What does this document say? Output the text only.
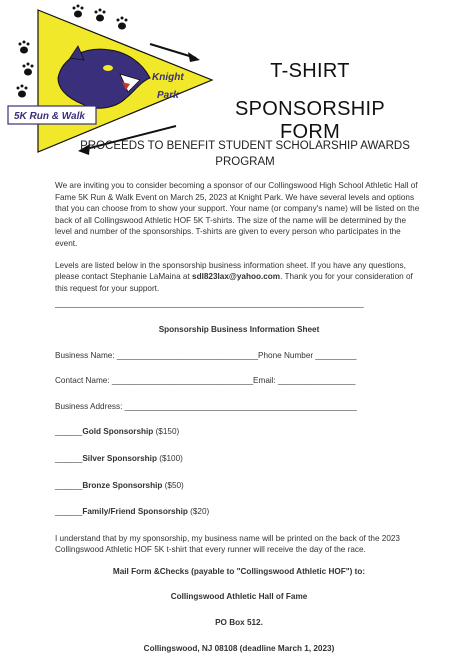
Knight
Park
5K Run & Walk
T-SHIRT
SPONSORSHIP FORM
PROCEEDS TO BENEFIT STUDENT SCHOLARSHIP AWARDS
PROGRAM

We are inviting you to consider becoming a sponsor of our Collingswood High School Athletic Hall of Fame 5K Run & Walk Event on March 25, 2023 at Knight Park. We have several levels and options that you can choose from to show your support. Your name (or company's name) will be listed on the back of all Collingswood Athletic HOF 5K T-shirts. The size of the name will be determined by the level and number of the sponsorships. T-shirts are given to every person who participates in the event.

Levels are listed below in the sponsorship business information sheet. If you have any questions, please contact Stephanie LaMaina at sdl823lax@yahoo.com. Thank you for your consideration of this request for your support.

______________________________________________________________________________
Sponsorship Business Information Sheet
Business Name: _______________________________Phone Number _________
Contact Name: _______________________________Email: _________________
Business Address: ___________________________________________________
______Gold Sponsorship ($150)
______Silver Sponsorship ($100)
______Bronze Sponsorship ($50)
______Family/Friend Sponsorship ($20)

I understand that by my sponsorship, my business name will be printed on the back of the 2023 Collingswood Athletic HOF 5K t-shirt that every runner will receive the day of the race.

Mail Form &Checks (payable to "Collingswood Athletic HOF") to:
Collingswood Athletic Hall of Fame
PO Box 512.
Collingswood, NJ 08108 (deadline March 1, 2023)
